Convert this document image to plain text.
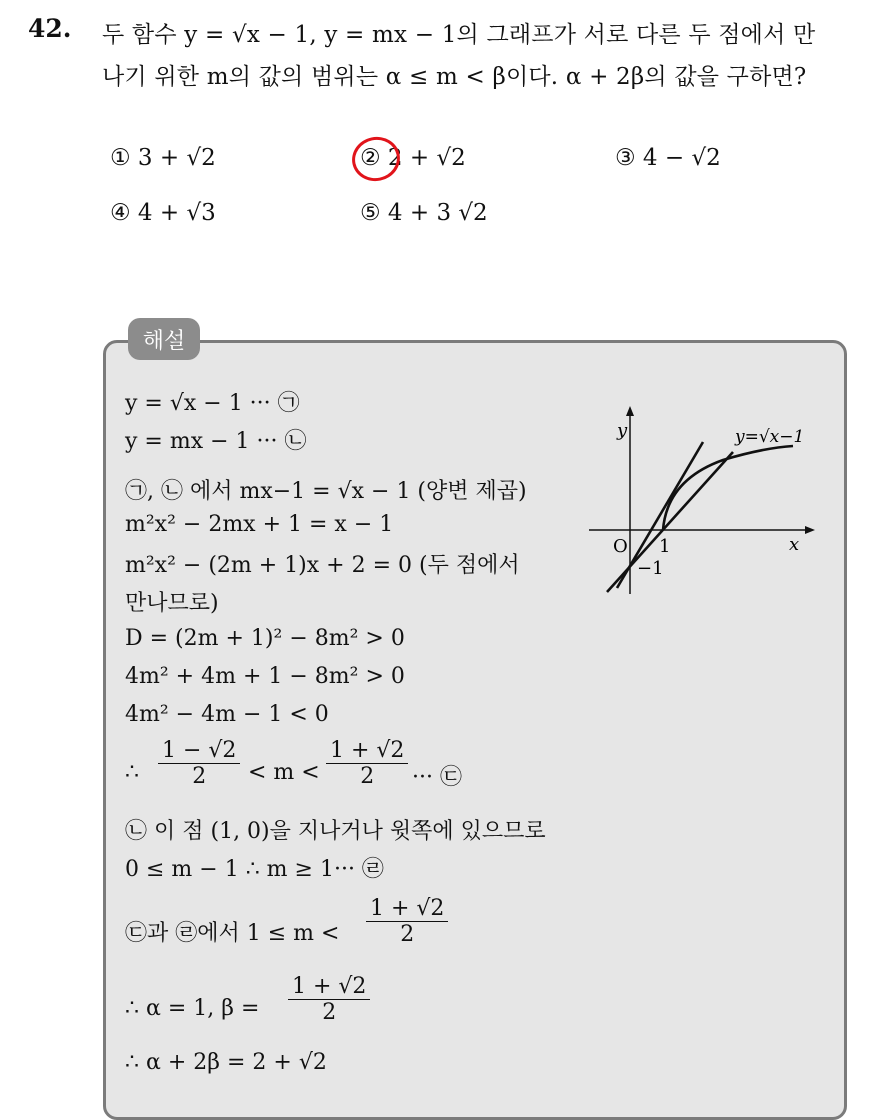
42. 두 함수 y = √x − 1, y = mx − 1의 그래프가 서로 다른 두 점에서 만
나기 위한 m의 값의 범위는 α ≤ m < β이다. α + 2β의 값을 구하면?
① 3 + √2	② 2 + √2	③ 4 − √2
④ 4 + √3	⑤ 4 + 3 √2
해설
y = √x − 1 ··· ㉠
y = mx − 1 ··· ㉡
㉠, ㉡ 에서 mx−1 = √x − 1 (양변 제곱)
m²x² − 2mx + 1 = x − 1
m²x² − (2m + 1)x + 2 = 0 (두 점에서
만나므로)
D = (2m + 1)² − 8m² > 0
4m² + 4m + 1 − 8m² > 0
4m² − 4m − 1 < 0
∴ $\frac{1 - √2}{2} < m < \frac{1 + √2}{2}$ ··· ㉢
㉡ 이 점 (1, 0)을 지나거나 윗쪽에 있으므로
0 ≤ m − 1 ∴ m ≥ 1··· ㉣
㉢과 ㉣에서 $1 \le m < \frac{1 + √2}{2}$
∴ α = 1, $\beta = \frac{1 + √2}{2}$
∴ α + 2β = 2 + √2
y
x
O 1
−1
y=√x−1
